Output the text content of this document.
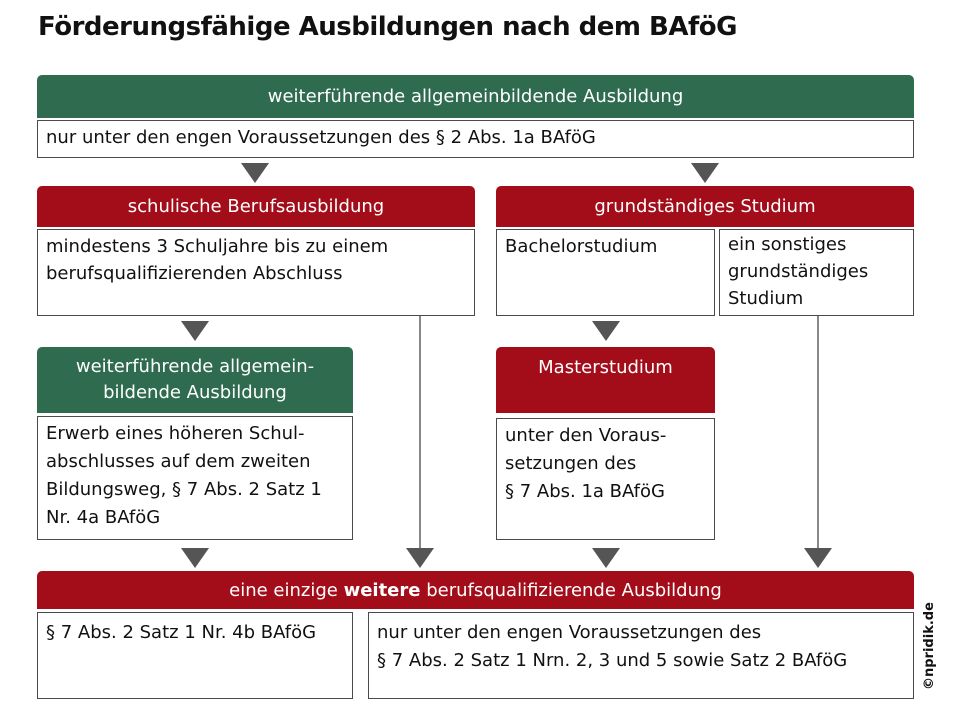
Förderungsfähige Ausbildungen nach dem BAföG
weiterführende allgemeinbildende Ausbildung
nur unter den engen Voraussetzungen des § 2 Abs. 1a BAföG
schulische Berufsausbildung
mindestens 3 Schuljahre bis zu einem
berufsqualifizierenden Abschluss
grundständiges Studium
Bachelorstudium	ein sonstiges
grundständiges
Studium
weiterführende allgemein-
bildende Ausbildung
Erwerb eines höheren Schul-
abschlusses auf dem zweiten
Bildungsweg, § 7 Abs. 2 Satz 1
Nr. 4a BAföG
Masterstudium
unter den Voraus-
setzungen des
§ 7 Abs. 1a BAföG
eine einzige weitere berufsqualifizierende Ausbildung
§ 7 Abs. 2 Satz 1 Nr. 4b BAföG	nur unter den engen Voraussetzungen des
§ 7 Abs. 2 Satz 1 Nrn. 2, 3 und 5 sowie Satz 2 BAföG	©npridik.de
